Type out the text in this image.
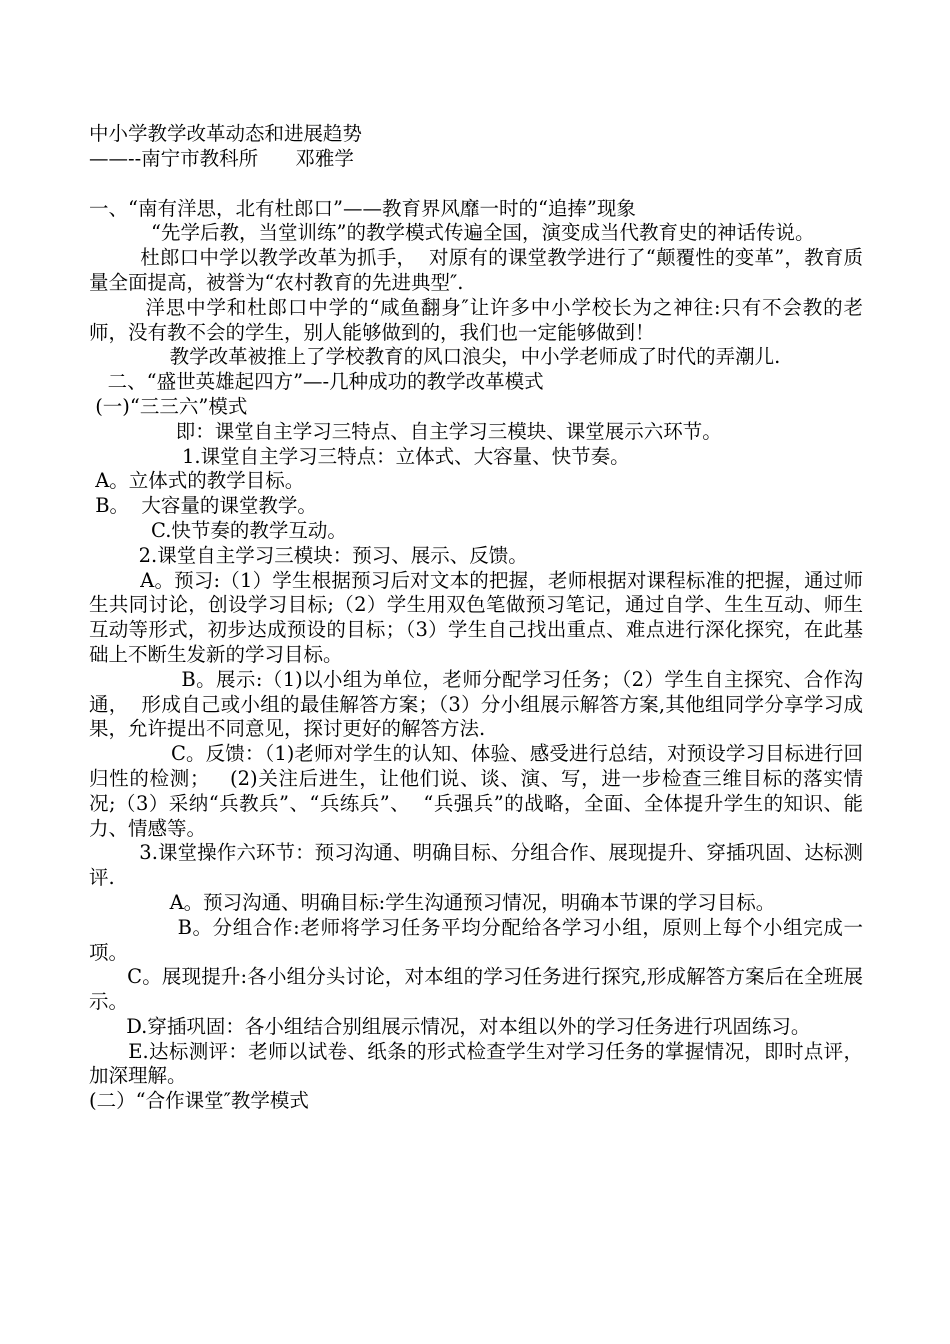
中小学教学改革动态和进展趋势

——--南宁市教科所      邓雅学

一、“南有洋思，北有杜郎口”——教育界风靡一时的“追捧”现象

“先学后教，当堂训练”的教学模式传遍全国，演变成当代教育史的神话传说。

杜郎口中学以教学改革为抓手，  对原有的课堂教学进行了“颠覆性的变革”，教育质量全面提高，被誉为“农村教育的先进典型″.

洋思中学和杜郎口中学的“咸鱼翻身″让许多中小学校长为之神往:只有不会教的老师，没有教不会的学生，别人能够做到的，我们也一定能够做到！

教学改革被推上了学校教育的风口浪尖，中小学老师成了时代的弄潮儿.

二、“盛世英雄起四方”—-几种成功的教学改革模式

(一)“三三六”模式

即：课堂自主学习三特点、自主学习三模块、课堂展示六环节。

1.课堂自主学习三特点：立体式、大容量、快节奏。

A。立体式的教学目标。

B。  大容量的课堂教学。

C.快节奏的教学互动。

2.课堂自主学习三模块：预习、展示、反馈。

A。预习:（1）学生根据预习后对文本的把握，老师根据对课程标准的把握，通过师生共同讨论，创设学习目标;（2）学生用双色笔做预习笔记，通过自学、生生互动、师生互动等形式，初步达成预设的目标；（3）学生自己找出重点、难点进行深化探究，在此基础上不断生发新的学习目标。

B。展示:（1)以小组为单位，老师分配学习任务；（2）学生自主探究、合作沟通，  形成自己或小组的最佳解答方案；（3）分小组展示解答方案,其他组同学分享学习成果，允许提出不同意见，探讨更好的解答方法.

C。反馈：（1)老师对学生的认知、体验、感受进行总结，对预设学习目标进行回归性的检测；   (2)关注后进生，让他们说、谈、演、写，进一步检查三维目标的落实情况;（3）采纳“兵教兵”、“兵练兵”、  “兵强兵”的战略，全面、全体提升学生的知识、能力、情感等。

3.课堂操作六环节：预习沟通、明确目标、分组合作、展现提升、穿插巩固、达标测评.

A。预习沟通、明确目标:学生沟通预习情况，明确本节课的学习目标。

B。分组合作:老师将学习任务平均分配给各学习小组，原则上每个小组完成一项。

C。展现提升:各小组分头讨论，对本组的学习任务进行探究,形成解答方案后在全班展示。

D.穿插巩固：各小组结合别组展示情况，对本组以外的学习任务进行巩固练习。

E.达标测评：老师以试卷、纸条的形式检查学生对学习任务的掌握情况，即时点评，加深理解。

(二）“合作课堂″教学模式
